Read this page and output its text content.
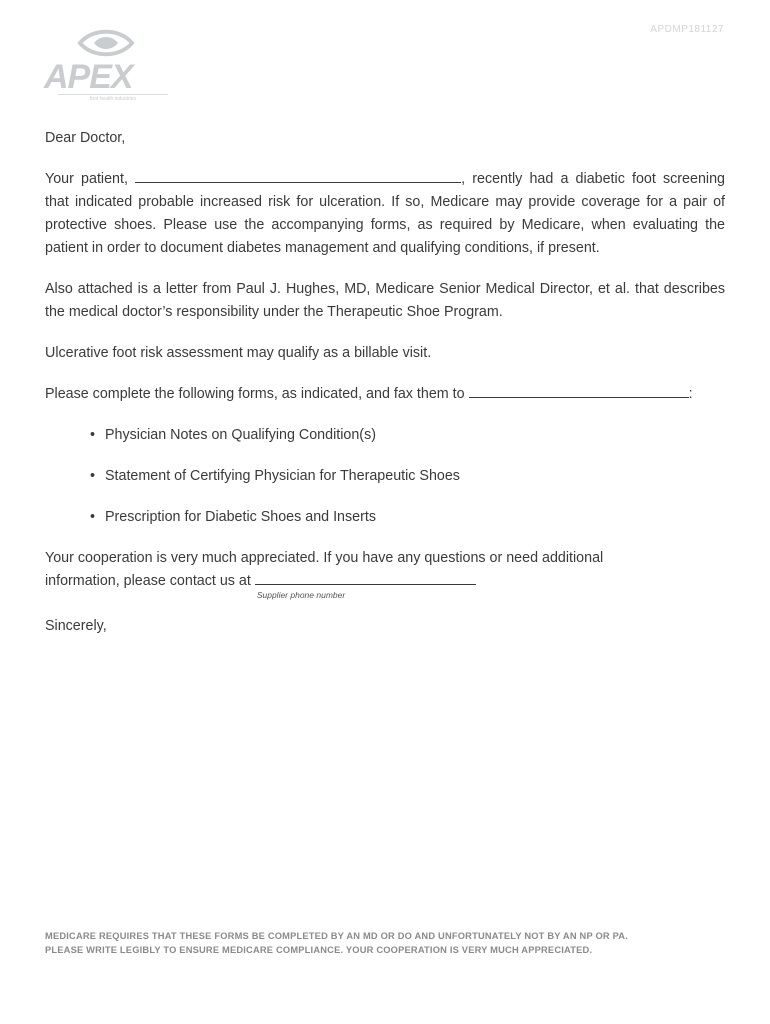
APDMP181127
APEX
foot health industries

Dear Doctor,

Your patient,	, recently had a diabetic foot screening that indicated probable increased risk for ulceration. If so, Medicare may provide coverage for a pair of protective shoes. Please use the accompanying forms, as required by Medicare, when evaluating the patient in order to document diabetes management and qualifying conditions, if present.

Also attached is a letter from Paul J. Hughes, MD, Medicare Senior Medical Director, et al. that describes the medical doctor’s responsibility under the Therapeutic Shoe Program.

Ulcerative foot risk assessment may qualify as a billable visit.

Please complete the following forms, as indicated, and fax them to	:

• Physician Notes on Qualifying Condition(s)
• Statement of Certifying Physician for Therapeutic Shoes
• Prescription for Diabetic Shoes and Inserts

Your cooperation is very much appreciated. If you have any questions or need additional
information, please contact us at
Supplier phone number

Sincerely,

MEDICARE REQUIRES THAT THESE FORMS BE COMPLETED BY AN MD OR DO AND UNFORTUNATELY NOT BY AN NP OR PA.
PLEASE WRITE LEGIBLY TO ENSURE MEDICARE COMPLIANCE. YOUR COOPERATION IS VERY MUCH APPRECIATED.
